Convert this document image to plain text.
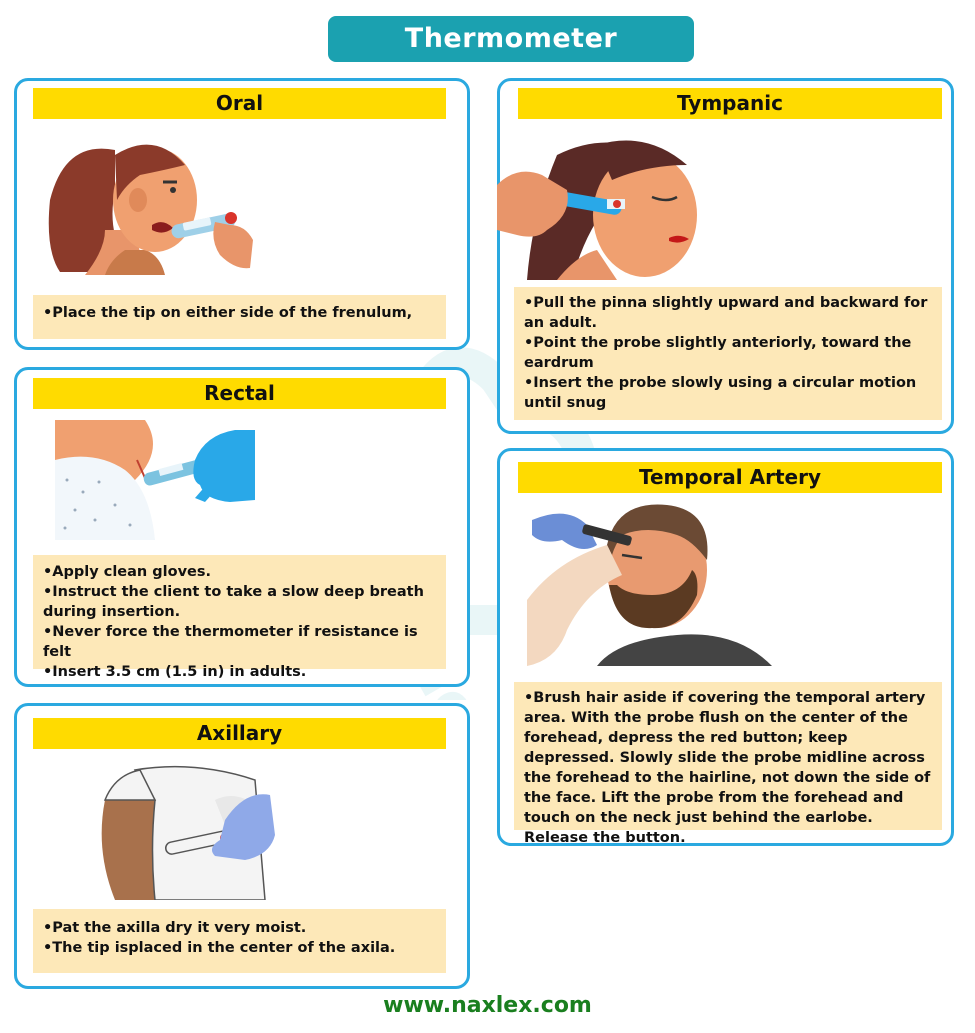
Thermometer
Oral

•Place the tip on either side of the frenulum,

Rectal

•Apply clean gloves.

•Instruct the client to take a slow deep breath during insertion.

•Never force the thermometer if resistance is felt

•Insert 3.5 cm (1.5 in) in adults.

Axillary

•Pat the axilla dry it very moist.

•The tip isplaced in the center of the axila.

Tympanic

•Pull the pinna slightly upward and backward for an adult.

•Point the probe slightly anteriorly, toward the eardrum

•Insert the probe slowly using a circular motion until snug

Temporal Artery

•Brush hair aside if covering the temporal artery area. With the probe flush on the center of the forehead, depress the red button; keep depressed. Slowly slide the probe midline across the forehead to the hairline, not down the side of the face. Lift the probe from the forehead and touch on the neck just behind the earlobe. Release the button.

www.naxlex.com
